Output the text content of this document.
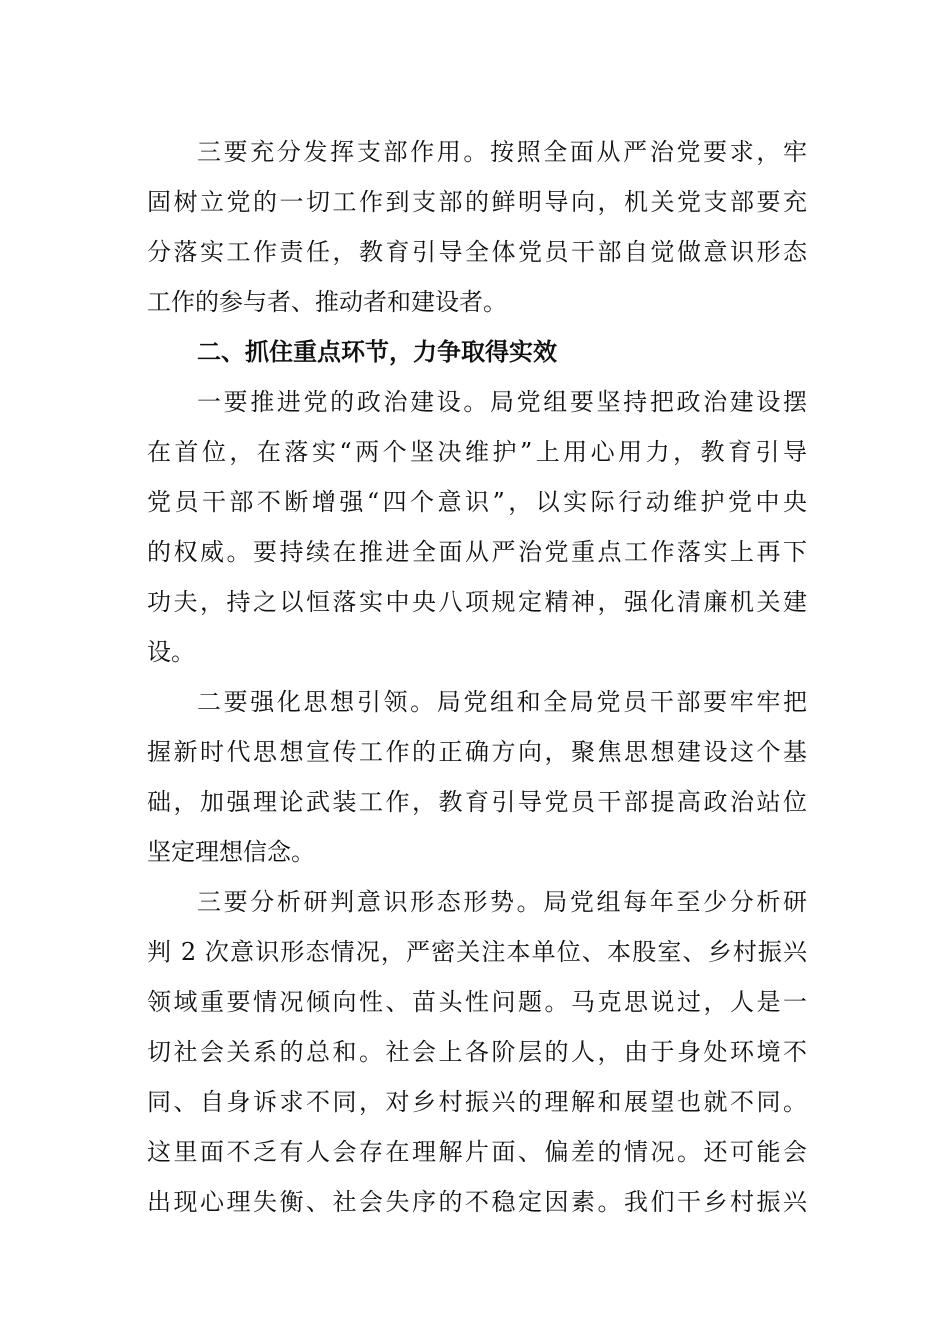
三要充分发挥支部作用。按照全面从严治党要求，牢
固树立党的一切工作到支部的鲜明导向，机关党支部要充
分落实工作责任，教育引导全体党员干部自觉做意识形态
工作的参与者、推动者和建设者。
二、抓住重点环节，力争取得实效
一要推进党的政治建设。局党组要坚持把政治建设摆
在首位，在落实“两个坚决维护”上用心用力，教育引导
党员干部不断增强“四个意识”，以实际行动维护党中央
的权威。要持续在推进全面从严治党重点工作落实上再下
功夫，持之以恒落实中央八项规定精神，强化清廉机关建
设。
二要强化思想引领。局党组和全局党员干部要牢牢把
握新时代思想宣传工作的正确方向，聚焦思想建设这个基
础，加强理论武装工作，教育引导党员干部提高政治站位
坚定理想信念。
三要分析研判意识形态形势。局党组每年至少分析研
判 2 次意识形态情况，严密关注本单位、本股室、乡村振兴
领域重要情况倾向性、苗头性问题。马克思说过，人是一
切社会关系的总和。社会上各阶层的人，由于身处环境不
同、自身诉求不同，对乡村振兴的理解和展望也就不同。
这里面不乏有人会存在理解片面、偏差的情况。还可能会
出现心理失衡、社会失序的不稳定因素。我们干乡村振兴
